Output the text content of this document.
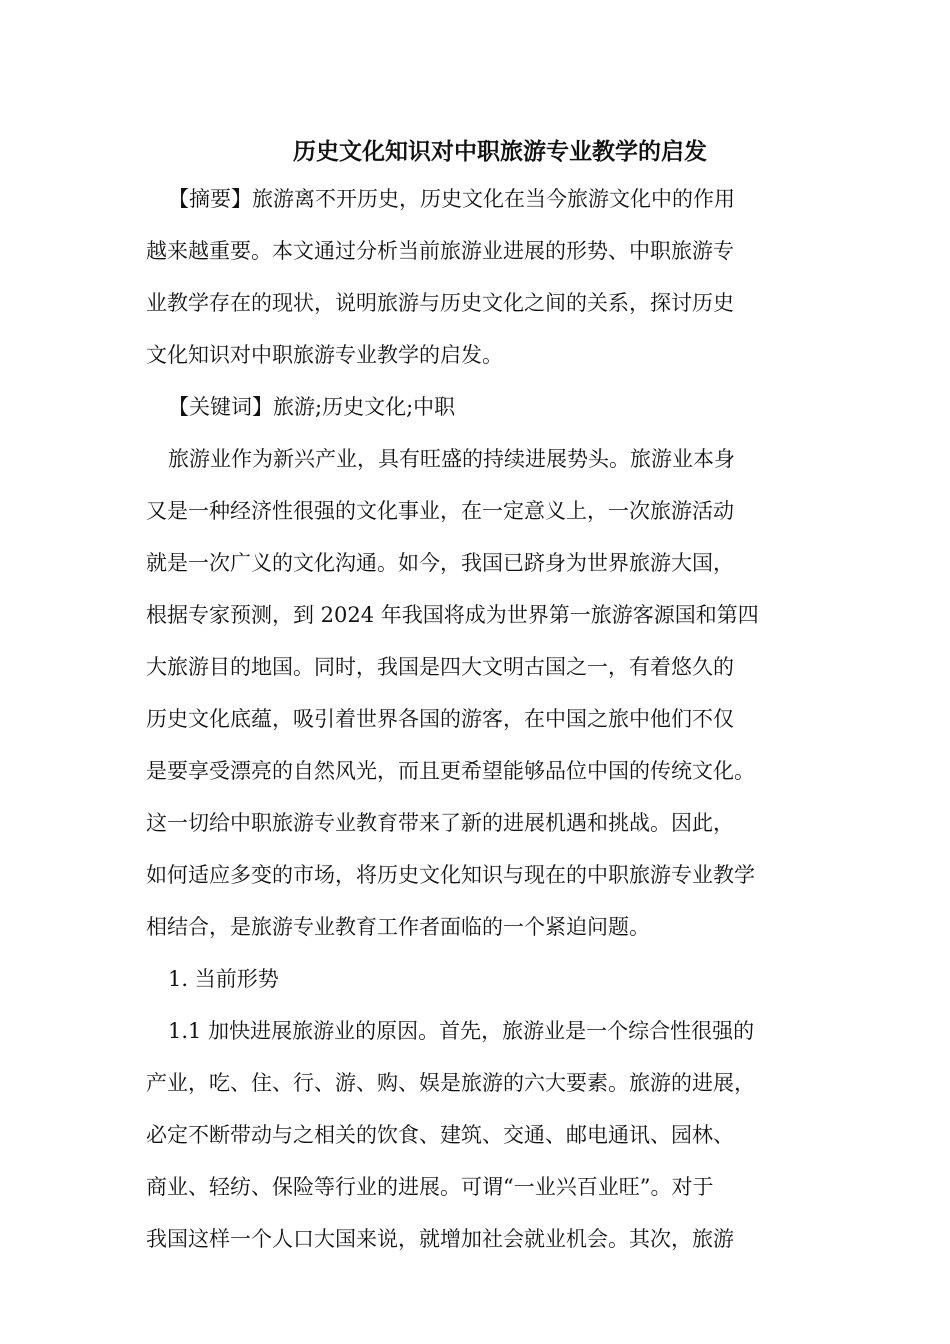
历史文化知识对中职旅游专业教学的启发
【摘要】旅游离不开历史，历史文化在当今旅游文化中的作用
越来越重要。本文通过分析当前旅游业进展的形势、中职旅游专
业教学存在的现状，说明旅游与历史文化之间的关系，探讨历史
文化知识对中职旅游专业教学的启发。
【关键词】旅游;历史文化;中职
旅游业作为新兴产业，具有旺盛的持续进展势头。旅游业本身
又是一种经济性很强的文化事业，在一定意义上，一次旅游活动
就是一次广义的文化沟通。如今，我国已跻身为世界旅游大国，
根据专家预测，到 2024 年我国将成为世界第一旅游客源国和第四
大旅游目的地国。同时，我国是四大文明古国之一，有着悠久的
历史文化底蕴，吸引着世界各国的游客，在中国之旅中他们不仅
是要享受漂亮的自然风光，而且更希望能够品位中国的传统文化。
这一切给中职旅游专业教育带来了新的进展机遇和挑战。因此，
如何适应多变的市场，将历史文化知识与现在的中职旅游专业教学
相结合，是旅游专业教育工作者面临的一个紧迫问题。
1. 当前形势
1.1 加快进展旅游业的原因。首先，旅游业是一个综合性很强的
产业，吃、住、行、游、购、娱是旅游的六大要素。旅游的进展，
必定不断带动与之相关的饮食、建筑、交通、邮电通讯、园林、
商业、轻纺、保险等行业的进展。可谓“一业兴百业旺”。对于
我国这样一个人口大国来说，就增加社会就业机会。其次，旅游
